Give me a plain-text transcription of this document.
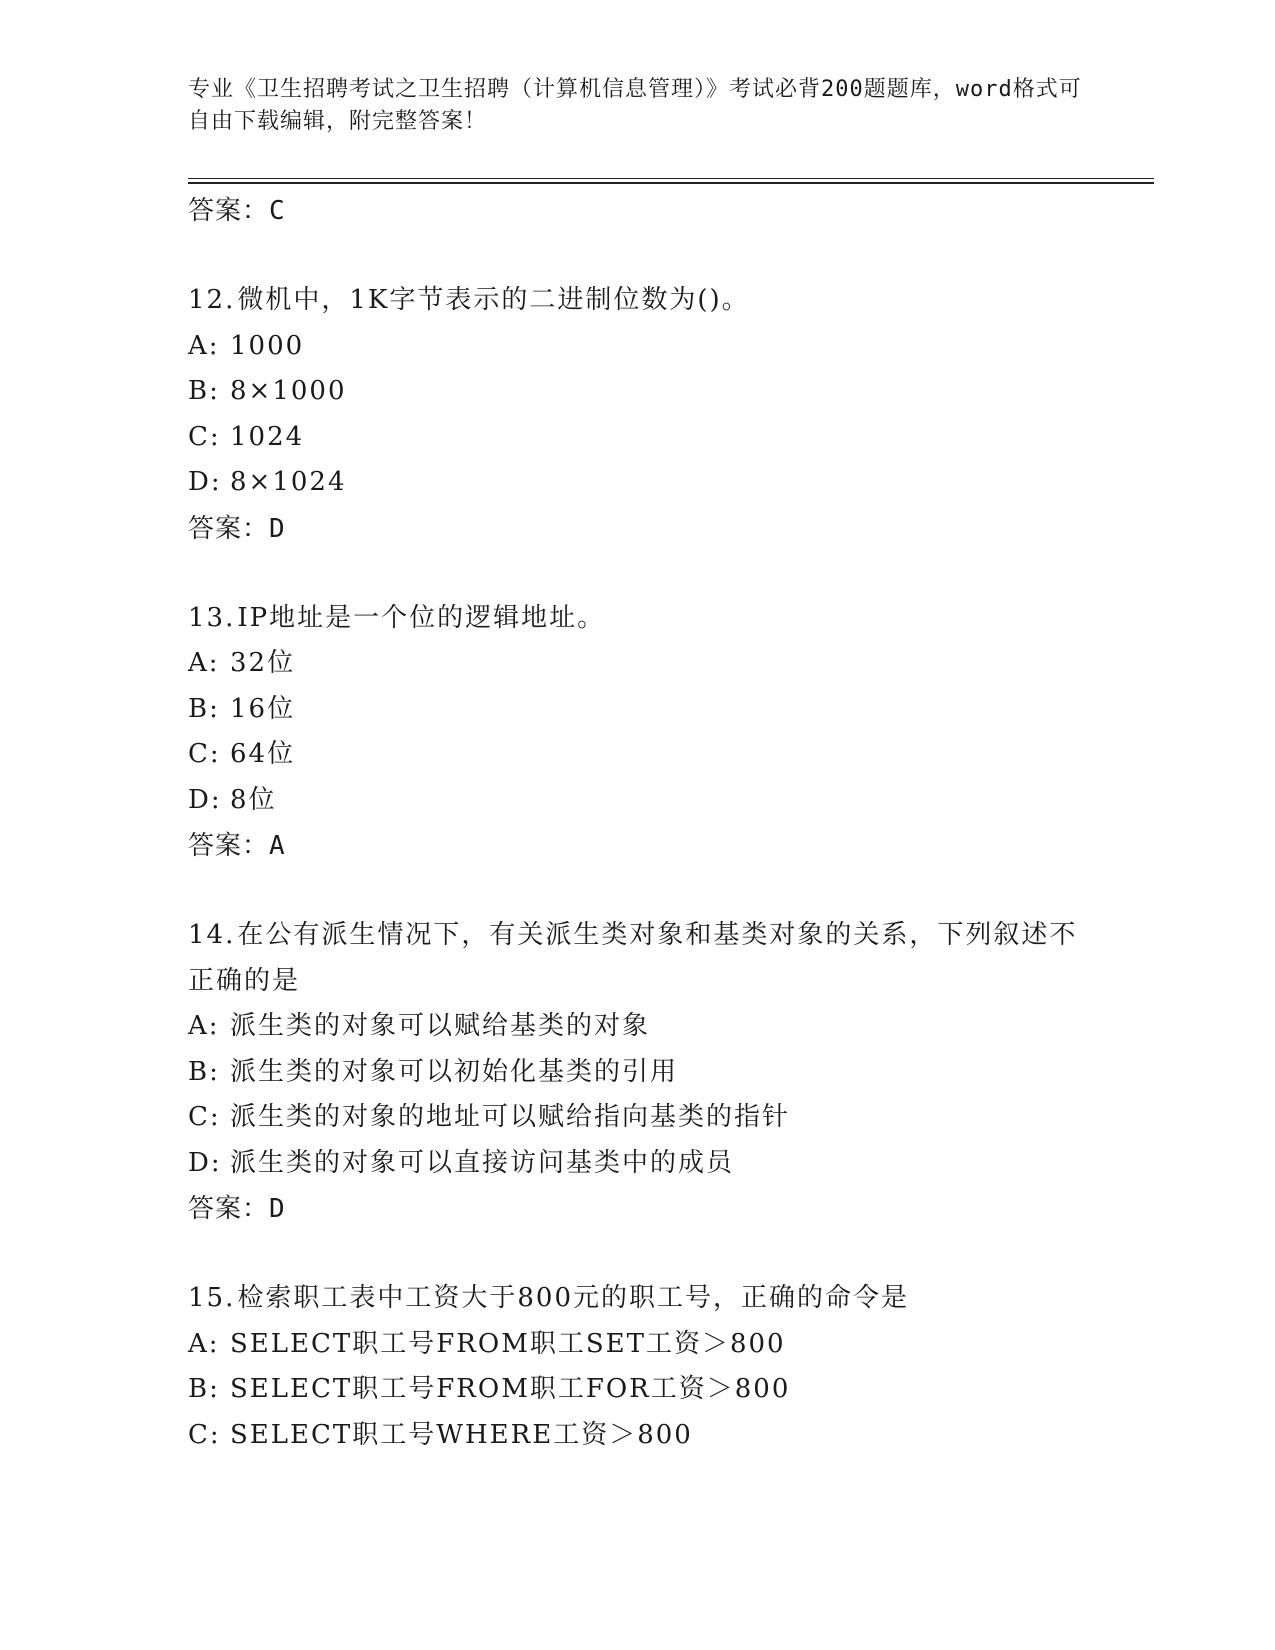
专业《卫生招聘考试之卫生招聘（计算机信息管理）》考试必背200题题库，word格式可自由下载编辑，附完整答案！
答案：C
12.微机中，1K字节表示的二进制位数为()。
A: 1000
B: 8×1000
C: 1024
D: 8×1024
答案：D
13.IP地址是一个位的逻辑地址。
A: 32位
B: 16位
C: 64位
D: 8位
答案：A
14.在公有派生情况下，有关派生类对象和基类对象的关系，下列叙述不正确的是
A: 派生类的对象可以赋给基类的对象
B: 派生类的对象可以初始化基类的引用
C: 派生类的对象的地址可以赋给指向基类的指针
D: 派生类的对象可以直接访问基类中的成员
答案：D
15.检索职工表中工资大于800元的职工号，正确的命令是
A: SELECT职工号FROM职工SET工资＞800
B: SELECT职工号FROM职工FOR工资＞800
C: SELECT职工号WHERE工资＞800
